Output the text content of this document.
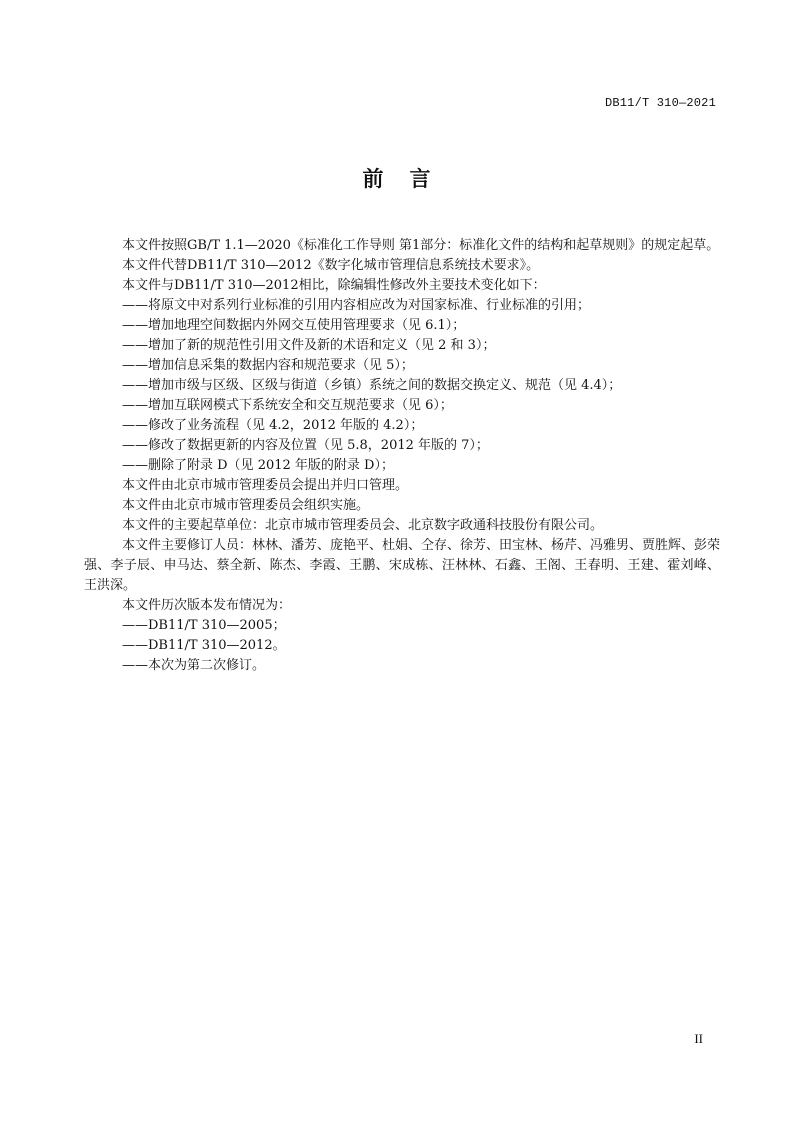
DB11/T 310—2021
前言

本文件按照GB/T 1.1—2020《标准化工作导则 第1部分：标准化文件的结构和起草规则》的规定起草。

本文件代替DB11/T 310—2012《数字化城市管理信息系统技术要求》。

本文件与DB11/T 310—2012相比，除编辑性修改外主要技术变化如下：

——将原文中对系列行业标准的引用内容相应改为对国家标准、行业标准的引用；

——增加地理空间数据内外网交互使用管理要求（见 6.1）；

——增加了新的规范性引用文件及新的术语和定义（见 2 和 3）；

——增加信息采集的数据内容和规范要求（见 5）；

——增加市级与区级、区级与街道（乡镇）系统之间的数据交换定义、规范（见 4.4）；

——增加互联网模式下系统安全和交互规范要求（见 6）；

——修改了业务流程（见 4.2，2012 年版的 4.2）；

——修改了数据更新的内容及位置（见 5.8，2012 年版的 7）；

——删除了附录 D（见 2012 年版的附录 D）；

本文件由北京市城市管理委员会提出并归口管理。

本文件由北京市城市管理委员会组织实施。

本文件的主要起草单位：北京市城市管理委员会、北京数字政通科技股份有限公司。

本文件主要修订人员：林林、潘芳、庞艳平、杜娟、仝存、徐芳、田宝林、杨芹、冯雅男、贾胜辉、彭荣强、李子辰、申马达、蔡全新、陈杰、李霞、王鹏、宋成栋、汪林林、石鑫、王阁、王春明、王建、霍刘峰、王洪深。

本文件历次版本发布情况为：

——DB11/T 310—2005；

——DB11/T 310—2012。

——本次为第二次修订。

II
